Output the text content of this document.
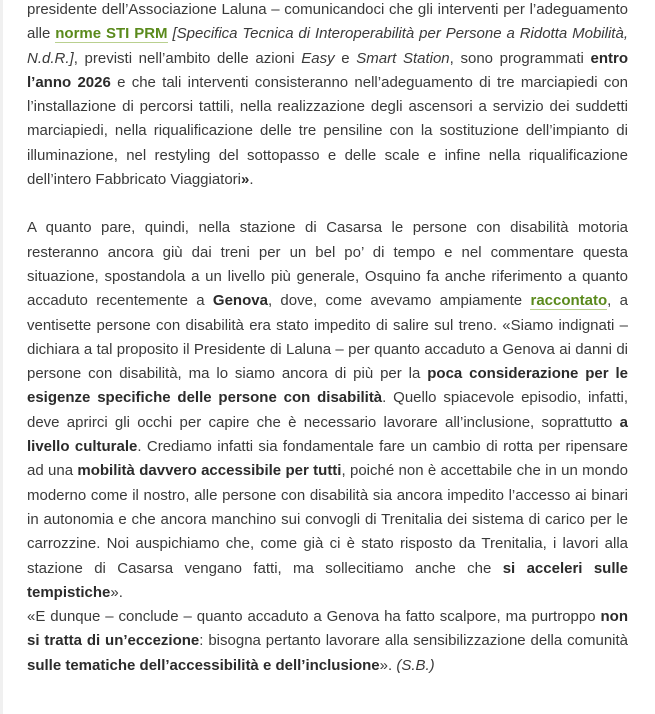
presidente dell’Associazione Laluna – comunicandoci che gli interventi per l’adeguamento alle norme STI PRM [Specifica Tecnica di Interoperabilità per Persone a Ridotta Mobilità, N.d.R.], previsti nell’ambito delle azioni Easy e Smart Station, sono programmati entro l’anno 2026 e che tali interventi consisteranno nell’adeguamento di tre marciapiedi con l’installazione di percorsi tattili, nella realizzazione degli ascensori a servizio dei suddetti marciapiedi, nella riqualificazione delle tre pensiline con la sostituzione dell’impianto di illuminazione, nel restyling del sottopasso e delle scale e infine nella riqualificazione dell’intero Fabbricato Viaggiatori».

A quanto pare, quindi, nella stazione di Casarsa le persone con disabilità motoria resteranno ancora giù dai treni per un bel po’ di tempo e nel commentare questa situazione, spostandola a un livello più generale, Osquino fa anche riferimento a quanto accaduto recentemente a Genova, dove, come avevamo ampiamente raccontato, a ventisette persone con disabilità era stato impedito di salire sul treno. «Siamo indignati – dichiara a tal proposito il Presidente di Laluna – per quanto accaduto a Genova ai danni di persone con disabilità, ma lo siamo ancora di più per la poca considerazione per le esigenze specifiche delle persone con disabilità. Quello spiacevole episodio, infatti, deve aprirci gli occhi per capire che è necessario lavorare all’inclusione, soprattutto a livello culturale. Crediamo infatti sia fondamentale fare un cambio di rotta per ripensare ad una mobilità davvero accessibile per tutti, poiché non è accettabile che in un mondo moderno come il nostro, alle persone con disabilità sia ancora impedito l’accesso ai binari in autonomia e che ancora manchino sui convogli di Trenitalia dei sistema di carico per le carrozzine. Noi auspichiamo che, come già ci è stato risposto da Trenitalia, i lavori alla stazione di Casarsa vengano fatti, ma sollecitiamo anche che si acceleri sulle tempistiche».

«E dunque – conclude – quanto accaduto a Genova ha fatto scalpore, ma purtroppo non si tratta di un’eccezione: bisogna pertanto lavorare alla sensibilizzazione della comunità sulle tematiche dell’accessibilità e dell’inclusione». (S.B.)
